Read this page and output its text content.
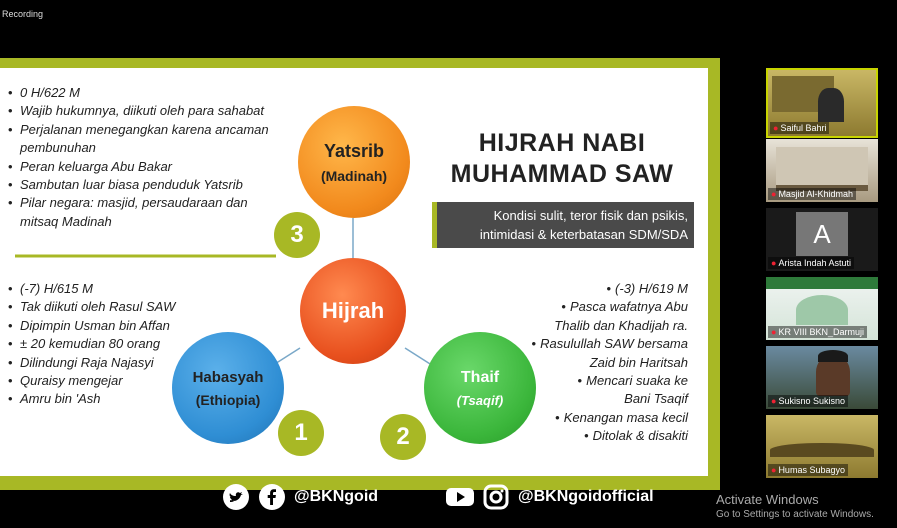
Recording
• 0 H/622 M
• Wajib hukumnya, diikuti oleh para sahabat
• Perjalanan menegangkan karena ancaman
pembunuhan
• Peran keluarga Abu Bakar
• Sambutan luar biasa penduduk Yatsrib
• Pilar negara: masjid, persaudaraan dan
mitsaq Madinah
• (-7) H/615 M
• Tak diikuti oleh Rasul SAW
• Dipimpin Usman bin Affan
• ± 20 kemudian 80 orang
• Dilindungi Raja Najasyi
• Quraisy mengejar
• Amru bin 'Ash
• (-3) H/619 M
• Pasca wafatnya Abu
Thalib dan Khadijah ra.
• Rasulullah SAW bersama
Zaid bin Haritsah
• Mencari suaka ke
Bani Tsaqif
• Kenangan masa kecil
• Ditolak & disakiti
Yatsrib
(Madinah)
Hijrah
Habasyah
(Ethiopia)
Thaif
(Tsaqif)
3
1	2
HIJRAH NABI
MUHAMMAD SAW
Kondisi sulit, teror fisik dan psikis,
intimidasi & keterbatasan SDM/SDA
@BKNgoid	@BKNgoidofficial	Activate Windows
Go to Settings to activate Windows.
● Saiful Bahri
● Masjid Al-Khidmah
A
● Arista Indah Astuti
● KR VIII BKN_Darmuji
● Sukisno Sukisno
● Humas Subagyo
